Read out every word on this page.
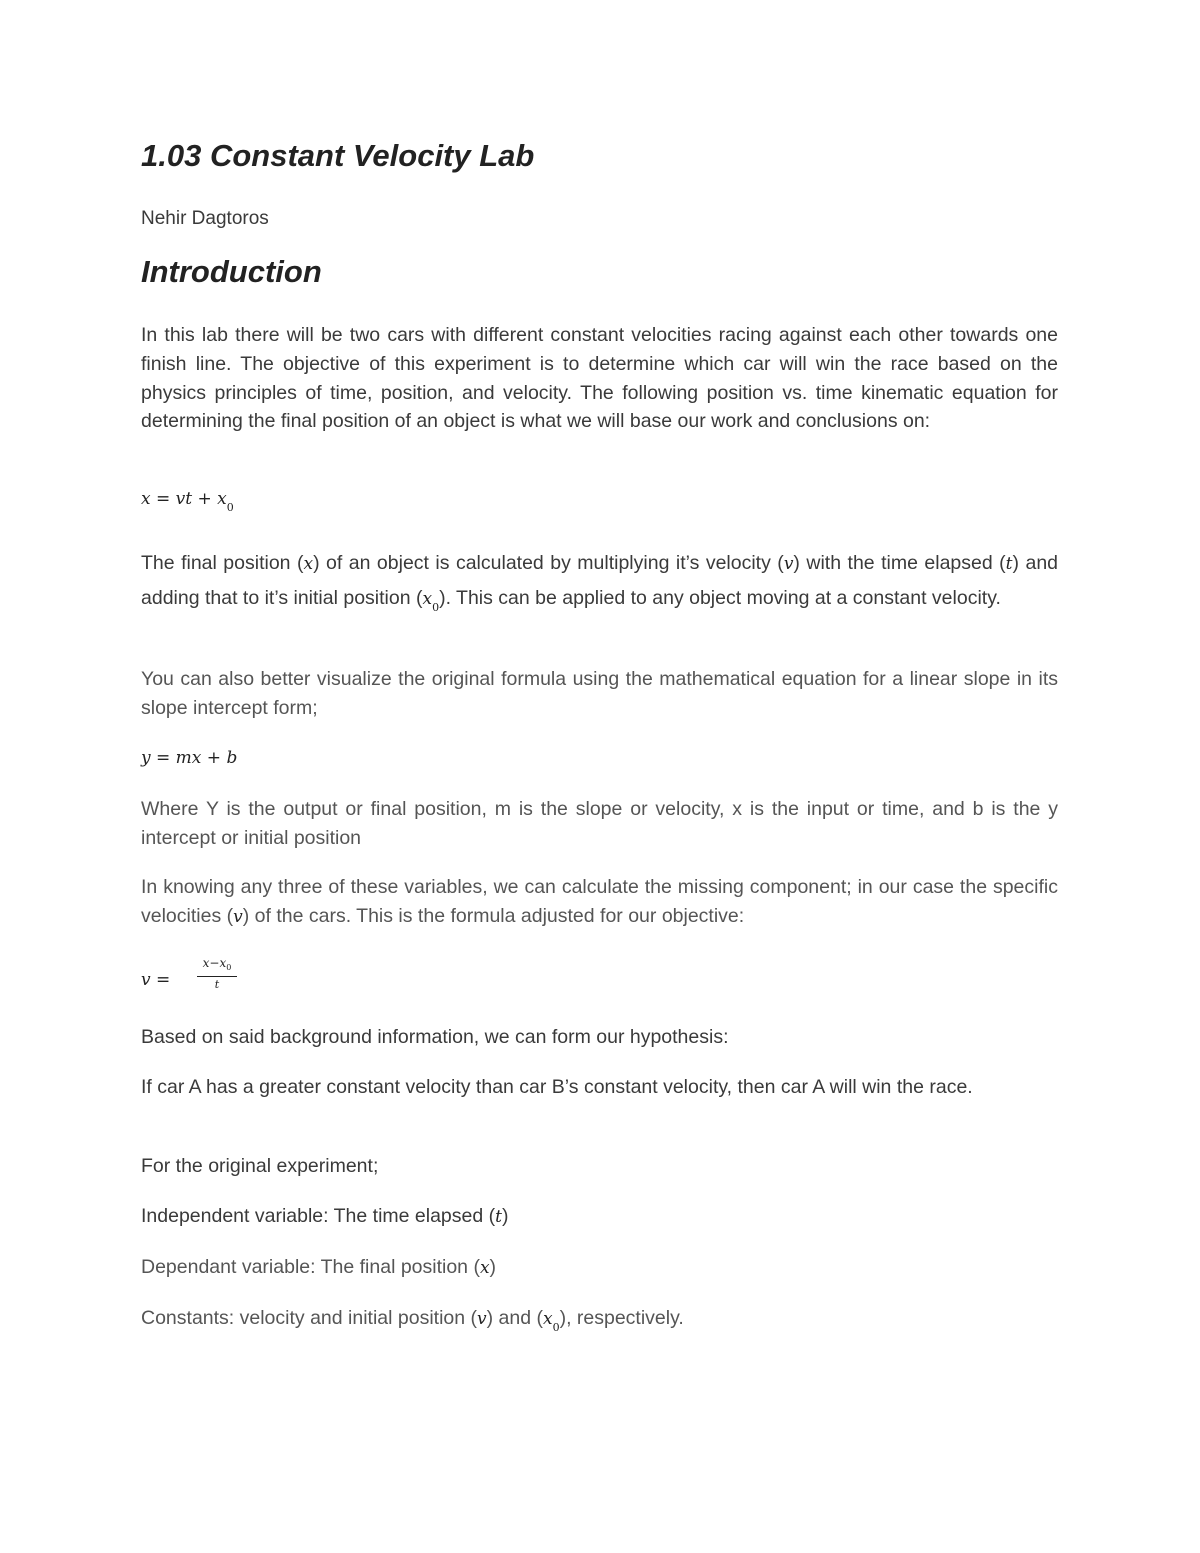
1.03 Constant Velocity Lab
Nehir Dagtoros
Introduction

In this lab there will be two cars with different constant velocities racing against each other towards one finish line. The objective of this experiment is to determine which car will win the race based on the physics principles of time, position, and velocity. The following position vs. time kinematic equation for determining the final position of an object is what we will base our work and conclusions on:

x = vt + $x_0$

The final position (x) of an object is calculated by multiplying it’s velocity (v) with the time elapsed (t) and adding that to it’s initial position $(x_0)$. This can be applied to any object moving at a constant velocity.

You can also better visualize the original formula using the mathematical equation for a linear slope in its slope intercept form;

y = mx + b

Where Y is the output or final position, m is the slope or velocity, x is the input or time, and b is the y intercept or initial position

In knowing any three of these variables, we can calculate the missing component; in our case the specific velocities (v) of the cars. This is the formula adjusted for our objective:

v =
$x-x_0$
t

Based on said background information, we can form our hypothesis:

If car A has a greater constant velocity than car B’s constant velocity, then car A will win the race.

For the original experiment;

Independent variable: The time elapsed (t)

Dependant variable: The final position (x)

Constants: velocity and initial position (v) and $(x_0)$, respectively.
